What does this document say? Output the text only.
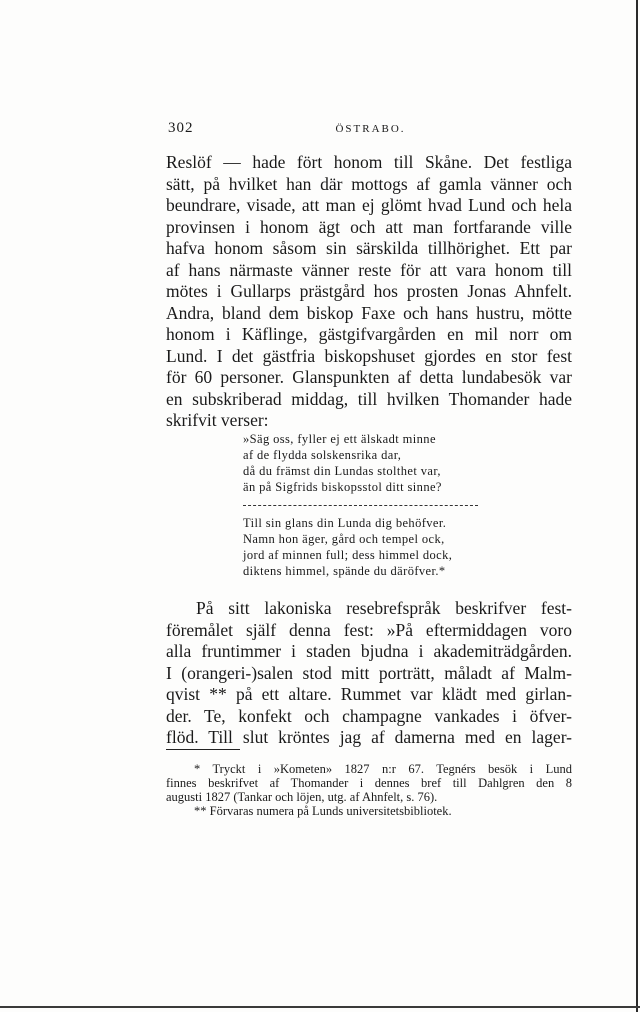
302	ÖSTRABO.
Reslöf — hade fört honom till Skåne. Det festliga
sätt, på hvilket han där mottogs af gamla vänner och
beundrare, visade, att man ej glömt hvad Lund och hela
provinsen i honom ägt och att man fortfarande ville
hafva honom såsom sin särskilda tillhörighet. Ett par
af hans närmaste vänner reste för att vara honom till
mötes i Gullarps prästgård hos prosten Jonas Ahnfelt.
Andra, bland dem biskop Faxe och hans hustru, mötte
honom i Käflinge, gästgifvargården en mil norr om
Lund. I det gästfria biskopshuset gjordes en stor fest
för 60 personer. Glanspunkten af detta lundabesök var
en subskriberad middag, till hvilken Thomander hade
skrifvit verser:
»Säg oss, fyller ej ett älskadt minne
af de flydda solskensrika dar,
då du främst din Lundas stolthet var,
än på Sigfrids biskopsstol ditt sinne?
Till sin glans din Lunda dig behöfver.
Namn hon äger, gård och tempel ock,
jord af minnen full; dess himmel dock,
diktens himmel, spände du däröfver.*
På sitt lakoniska resebrefspråk beskrifver fest-
föremålet själf denna fest: »På eftermiddagen voro
alla fruntimmer i staden bjudna i akademiträdgården.
I (orangeri-)salen stod mitt porträtt, måladt af Malm-
qvist ** på ett altare. Rummet var klädt med girlan-
der. Te, konfekt och champagne vankades i öfver-
flöd. Till slut kröntes jag af damerna med en lager-
* Tryckt i »Kometen» 1827 n:r 67. Tegnérs besök i Lund
finnes beskrifvet af Thomander i dennes bref till Dahlgren den 8
augusti 1827 (Tankar och löjen, utg. af Ahnfelt, s. 76).
** Förvaras numera på Lunds universitetsbibliotek.
